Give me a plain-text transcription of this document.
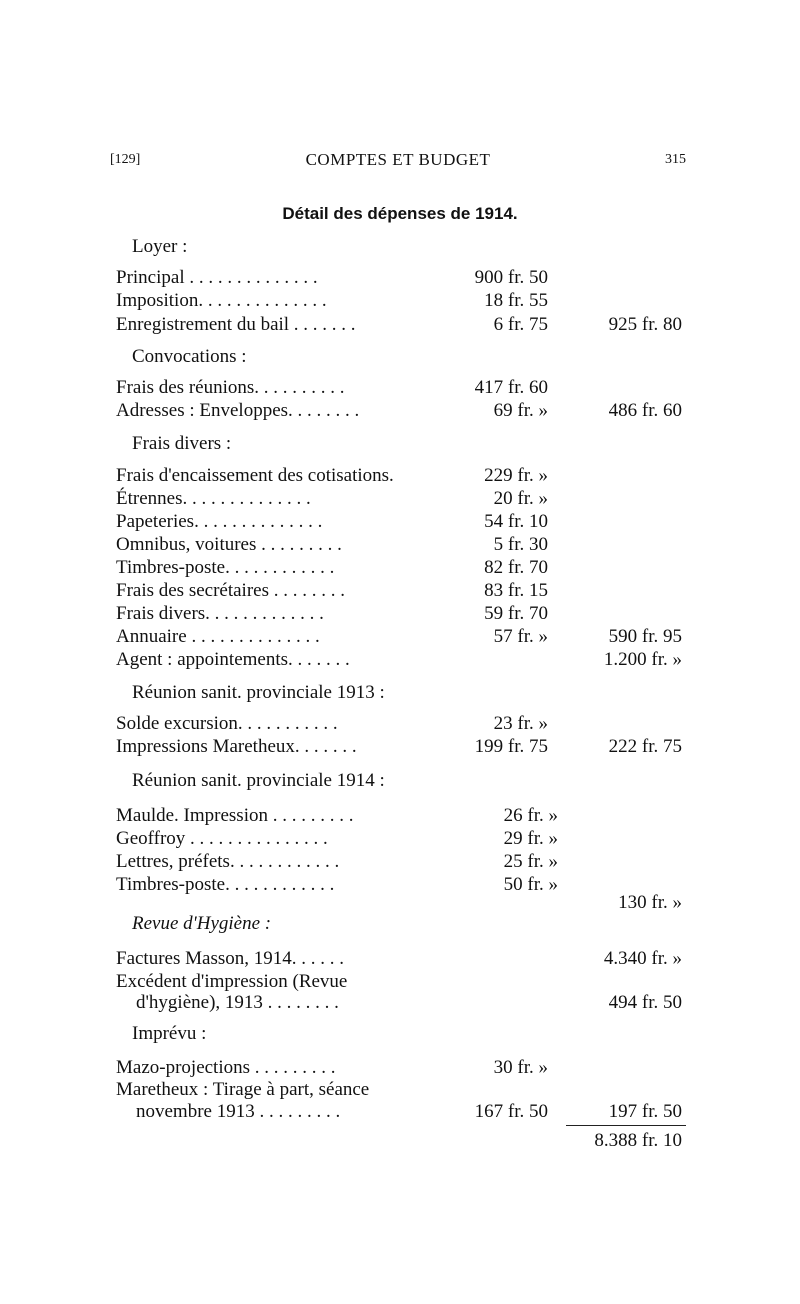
[129]	COMPTES ET BUDGET	315
Détail des dépenses de 1914.
Loyer :
Principal . . . . . . . . . . . . . .	900 fr. 50
Imposition. . . . . . . . . . . . . .	18 fr. 55
Enregistrement du bail . . . . . . .	6 fr. 75	925 fr. 80
Convocations :
Frais des réunions. . . . . . . . . .	417 fr. 60
Adresses : Enveloppes. . . . . . . .	69 fr. »	486 fr. 60
Frais divers :
Frais d'encaissement des cotisations.	229 fr. »
Étrennes. . . . . . . . . . . . . .	20 fr. »
Papeteries. . . . . . . . . . . . . .	54 fr. 10
Omnibus, voitures . . . . . . . . .	5 fr. 30
Timbres-poste. . . . . . . . . . . .	82 fr. 70
Frais des secrétaires . . . . . . . .	83 fr. 15
Frais divers. . . . . . . . . . . . .	59 fr. 70
Annuaire . . . . . . . . . . . . . .	57 fr. »	590 fr. 95
Agent : appointements. . . . . . .	1.200 fr. »
Réunion sanit. provinciale 1913 :
Solde excursion. . . . . . . . . . .	23 fr. »
Impressions Maretheux. . . . . . .	199 fr. 75	222 fr. 75
Réunion sanit. provinciale 1914 :
Maulde. Impression . . . . . . . . .	26 fr. »
Geoffroy . . . . . . . . . . . . . . .	29 fr. »
Lettres, préfets. . . . . . . . . . . .	25 fr. »
Timbres-poste. . . . . . . . . . . .	50 fr. »
130 fr. »
Revue d'Hygiène :
Factures Masson, 1914. . . . . .	4.340 fr. »
Excédent d'impression (Revue
d'hygiène), 1913 . . . . . . . .	494 fr. 50
Imprévu :
Mazo-projections . . . . . . . . .	30 fr. »
Maretheux : Tirage à part, séance
novembre 1913 . . . . . . . . .	167 fr. 50	197 fr. 50
8.388 fr. 10
